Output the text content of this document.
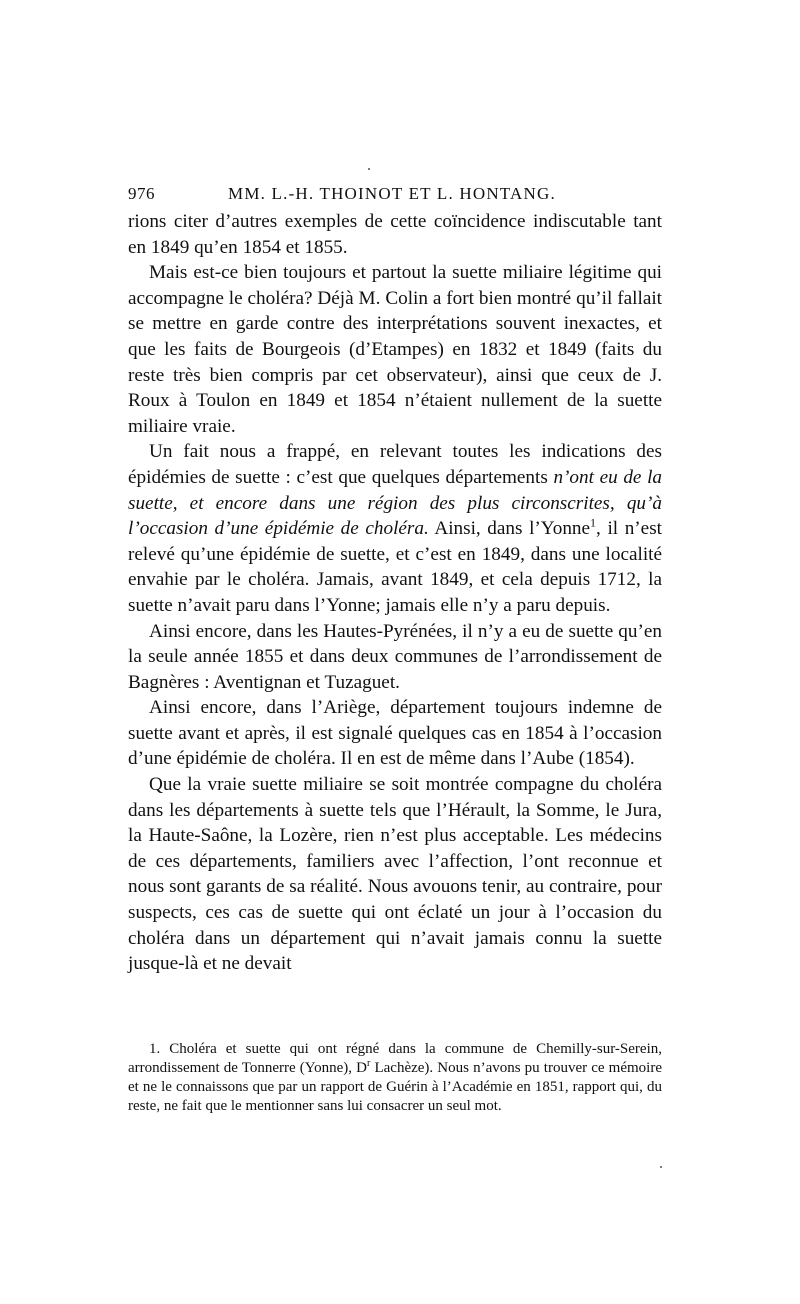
976	MM. L.-H. THOINOT ET L. HONTANG.

rions citer d’autres exemples de cette coïncidence indiscutable tant en 1849 qu’en 1854 et 1855.

Mais est-ce bien toujours et partout la suette miliaire légitime qui accompagne le choléra? Déjà M. Colin a fort bien montré qu’il fallait se mettre en garde contre des interprétations souvent inexactes, et que les faits de Bourgeois (d’Etampes) en 1832 et 1849 (faits du reste très bien compris par cet observateur), ainsi que ceux de J. Roux à Toulon en 1849 et 1854 n’étaient nullement de la suette miliaire vraie.

Un fait nous a frappé, en relevant toutes les indications des épidémies de suette : c’est que quelques départements n’ont eu de la suette, et encore dans une région des plus circonscrites, qu’à l’occasion d’une épidémie de choléra. Ainsi, dans l’Yonne$^1$, il n’est relevé qu’une épidémie de suette, et c’est en 1849, dans une localité envahie par le choléra. Jamais, avant 1849, et cela depuis 1712, la suette n’avait paru dans l’Yonne; jamais elle n’y a paru depuis.

Ainsi encore, dans les Hautes-Pyrénées, il n’y a eu de suette qu’en la seule année 1855 et dans deux communes de l’arrondissement de Bagnères : Aventignan et Tuzaguet.

Ainsi encore, dans l’Ariège, département toujours indemne de suette avant et après, il est signalé quelques cas en 1854 à l’occasion d’une épidémie de choléra. Il en est de même dans l’Aube (1854).

Que la vraie suette miliaire se soit montrée compagne du choléra dans les départements à suette tels que l’Hérault, la Somme, le Jura, la Haute-Saône, la Lozère, rien n’est plus acceptable. Les médecins de ces départements, familiers avec l’affection, l’ont reconnue et nous sont garants de sa réalité. Nous avouons tenir, au contraire, pour suspects, ces cas de suette qui ont éclaté un jour à l’occasion du choléra dans un département qui n’avait jamais connu la suette jusque-là et ne devait

1. Choléra et suette qui ont régné dans la commune de Chemilly-sur-Serein, arrondissement de Tonnerre (Yonne), D$^r$ Lachèze). Nous n’avons pu trouver ce mémoire et ne le connaissons que par un rapport de Guérin à l’Académie en 1851, rapport qui, du reste, ne fait que le mentionner sans lui consacrer un seul mot.
